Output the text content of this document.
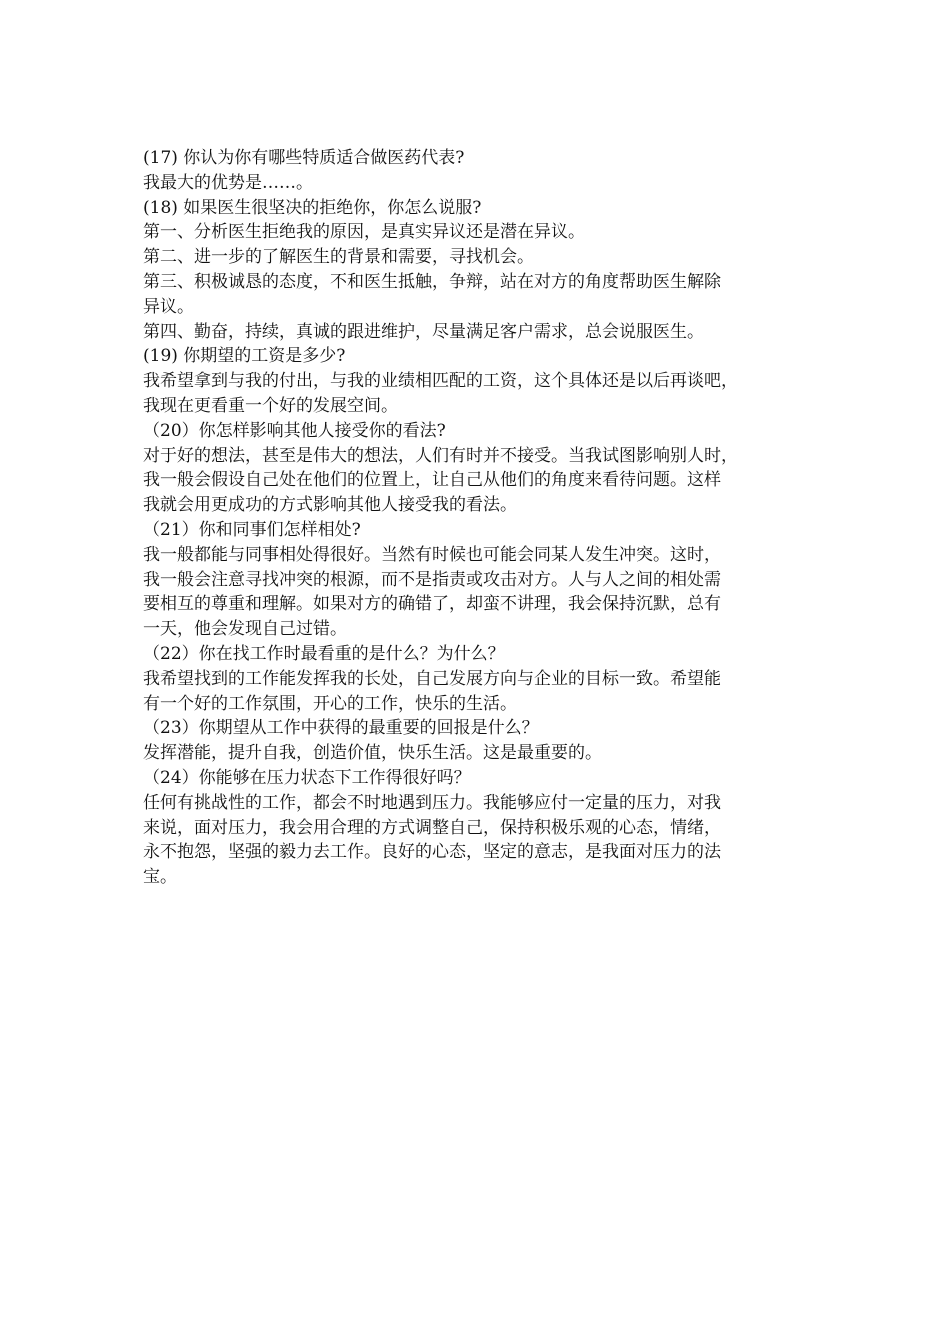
(17) 你认为你有哪些特质适合做医药代表?
我最大的优势是……。
(18) 如果医生很坚决的拒绝你，你怎么说服?
第一、分析医生拒绝我的原因，是真实异议还是潜在异议。
第二、进一步的了解医生的背景和需要，寻找机会。
第三、积极诚恳的态度，不和医生抵触，争辩，站在对方的角度帮助医生解除
异议。
第四、勤奋，持续，真诚的跟进维护，尽量满足客户需求，总会说服医生。
(19) 你期望的工资是多少?
我希望拿到与我的付出，与我的业绩相匹配的工资，这个具体还是以后再谈吧，
我现在更看重一个好的发展空间。
（20）你怎样影响其他人接受你的看法?
对于好的想法，甚至是伟大的想法，人们有时并不接受。当我试图影响别人时，
我一般会假设自己处在他们的位置上，让自己从他们的角度来看待问题。这样
我就会用更成功的方式影响其他人接受我的看法。
（21）你和同事们怎样相处?
我一般都能与同事相处得很好。当然有时候也可能会同某人发生冲突。这时，
我一般会注意寻找冲突的根源，而不是指责或攻击对方。人与人之间的相处需
要相互的尊重和理解。如果对方的确错了，却蛮不讲理，我会保持沉默，总有
一天，他会发现自己过错。
（22）你在找工作时最看重的是什么？为什么？
我希望找到的工作能发挥我的长处，自己发展方向与企业的目标一致。希望能
有一个好的工作氛围，开心的工作，快乐的生活。
（23）你期望从工作中获得的最重要的回报是什么？
发挥潜能，提升自我，创造价值，快乐生活。这是最重要的。
（24）你能够在压力状态下工作得很好吗？
任何有挑战性的工作，都会不时地遇到压力。我能够应付一定量的压力，对我
来说，面对压力，我会用合理的方式调整自己，保持积极乐观的心态，情绪，
永不抱怨，坚强的毅力去工作。良好的心态，坚定的意志，是我面对压力的法
宝。
